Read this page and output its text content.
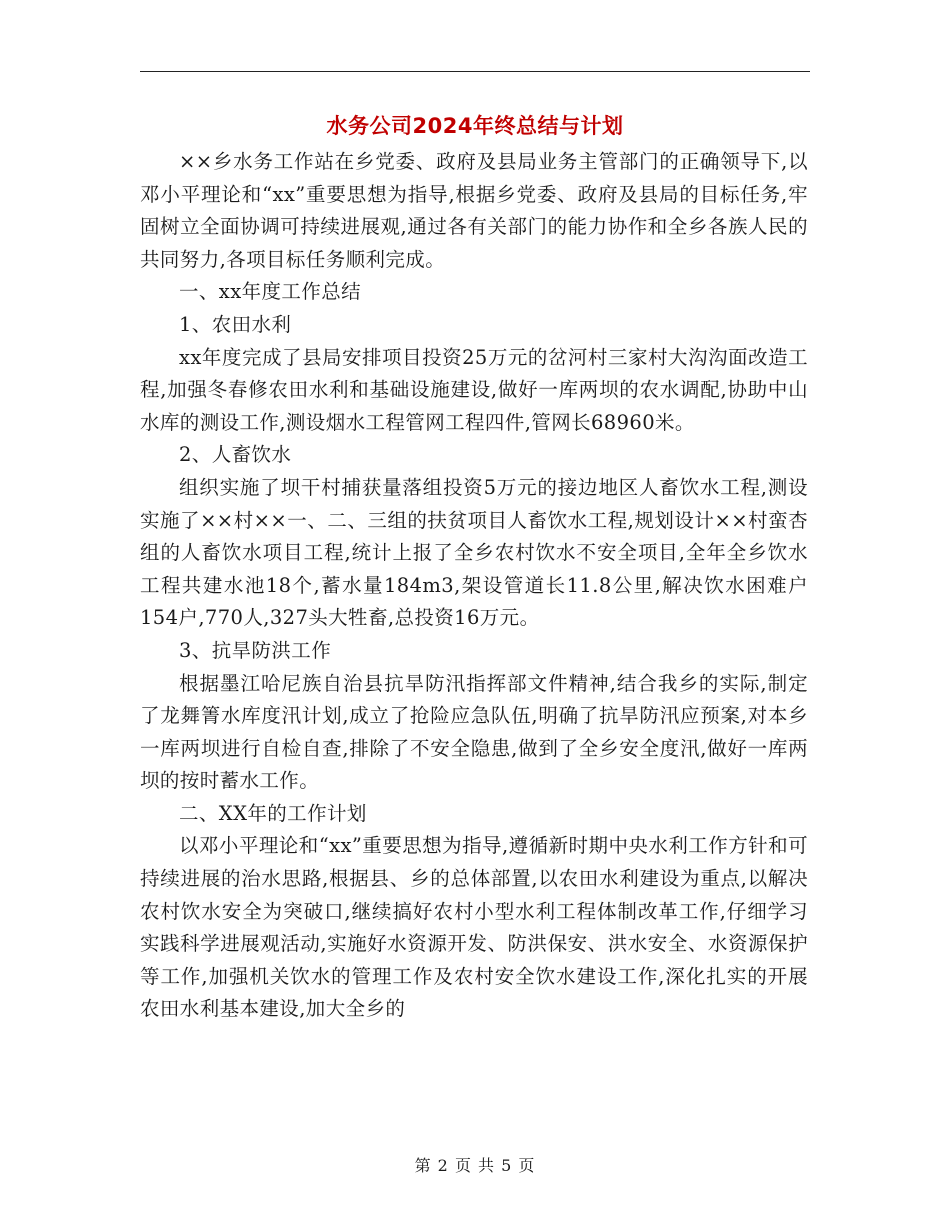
水务公司2024年终总结与计划

××乡水务工作站在乡党委、政府及县局业务主管部门的正确领导下,以邓小平理论和“xx”重要思想为指导,根据乡党委、政府及县局的目标任务,牢固树立全面协调可持续进展观,通过各有关部门的能力协作和全乡各族人民的共同努力,各项目标任务顺利完成。

一、xx年度工作总结

1、农田水利

xx年度完成了县局安排项目投资25万元的岔河村三家村大沟沟面改造工程,加强冬春修农田水利和基础设施建设,做好一库两坝的农水调配,协助中山水库的测设工作,测设烟水工程管网工程四件,管网长68960米。

2、人畜饮水

组织实施了坝干村捕获量落组投资5万元的接边地区人畜饮水工程,测设实施了××村××一、二、三组的扶贫项目人畜饮水工程,规划设计××村蛮杏组的人畜饮水项目工程,统计上报了全乡农村饮水不安全项目,全年全乡饮水工程共建水池18个,蓄水量184m3,架设管道长11.8公里,解决饮水困难户154户,770人,327头大牲畜,总投资16万元。

3、抗旱防洪工作

根据墨江哈尼族自治县抗旱防汛指挥部文件精神,结合我乡的实际,制定了龙舞箐水库度汛计划,成立了抢险应急队伍,明确了抗旱防汛应预案,对本乡一库两坝进行自检自查,排除了不安全隐患,做到了全乡安全度汛,做好一库两坝的按时蓄水工作。

二、XX年的工作计划

以邓小平理论和“xx”重要思想为指导,遵循新时期中央水利工作方针和可持续进展的治水思路,根据县、乡的总体部置,以农田水利建设为重点,以解决农村饮水安全为突破口,继续搞好农村小型水利工程体制改革工作,仔细学习实践科学进展观活动,实施好水资源开发、防洪保安、洪水安全、水资源保护等工作,加强机关饮水的管理工作及农村安全饮水建设工作,深化扎实的开展农田水利基本建设,加大全乡的

第 2 页 共 5 页
